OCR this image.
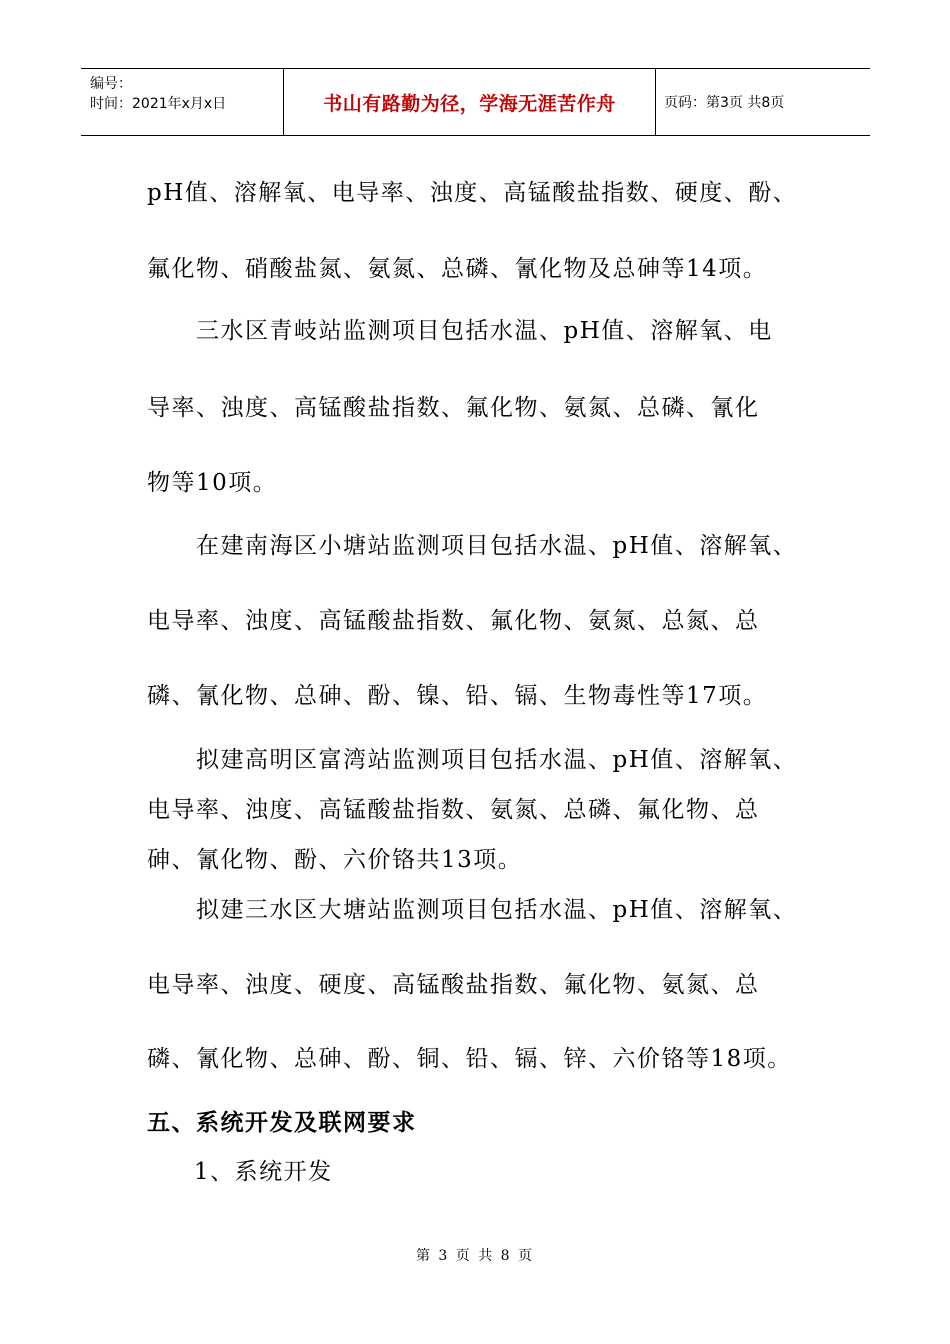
编号：
时间：2021年x月x日	书山有路勤为径，学海无涯苦作舟	页码：第3页 共8页
pH值、溶解氧、电导率、浊度、高锰酸盐指数、硬度、酚、
氟化物、硝酸盐氮、氨氮、总磷、氰化物及总砷等14项。
三水区青岐站监测项目包括水温、pH值、溶解氧、电
导率、浊度、高锰酸盐指数、氟化物、氨氮、总磷、氰化
物等10项。
在建南海区小塘站监测项目包括水温、pH值、溶解氧、
电导率、浊度、高锰酸盐指数、氟化物、氨氮、总氮、总
磷、氰化物、总砷、酚、镍、铅、镉、生物毒性等17项。
拟建高明区富湾站监测项目包括水温、pH值、溶解氧、
电导率、浊度、高锰酸盐指数、氨氮、总磷、氟化物、总
砷、氰化物、酚、六价铬共13项。
拟建三水区大塘站监测项目包括水温、pH值、溶解氧、
电导率、浊度、硬度、高锰酸盐指数、氟化物、氨氮、总
磷、氰化物、总砷、酚、铜、铅、镉、锌、六价铬等18项。
五、系统开发及联网要求
1、系统开发
第 3 页 共 8 页
